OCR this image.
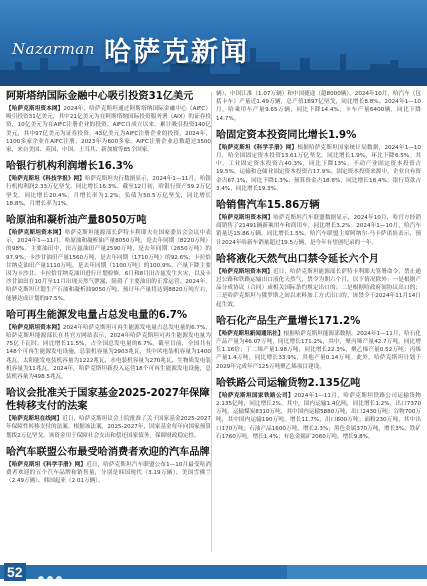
Nazarman 哈萨克新闻
阿斯塔纳国际金融中心吸引投资31亿美元

【哈萨克斯坦资本网】2024年，哈萨克斯坦通过阿斯塔纳国际金融中心（AIFC）吸引投资31亿美元，其中21亿美元为在阿斯塔纳国际投资服务署（AIX）的证券投资，10亿美元为在AIFC注册企业的投资。AIFC自成立以来，累计吸引投资140亿美元，其中97亿美元为证券投资，43亿美元为AIFC注册企业的投资。2024年，1100多家企业在AIFC注册，2023年为600多家。AIFC注册企业总数超过3500家，来自美国、英国、中国、土耳其、新加坡等85个国家。

哈银行机构利润增长16.3%

【哈萨克斯坦《科技学报》网】哈萨克斯坦央行数据显示，2024年1—11月，哈银行机构利润2.33万亿坚戈，同比增长16.3%。截至12月初，哈银行资产59.2万亿坚戈，同比增长20.4%，月增长率为1.2%；负债为50.5万亿坚戈，同比增长18.8%，月增长率为1%。

哈原油和凝析油产量8050万吨

【哈萨克斯坦资本网】哈萨克斯坦能源部长萨特卡利耶夫在国家委员会会议中表示，2024年1—11月，哈原油和凝析油产量8050万吨，是去年同期（8220万吨）的98%。主要油田中，田吉兹油田产量2590万吨，是去年同期（2650万吨）的97.9%；卡沙甘油田产量1560万吨，是去年同期（1710万吨）的92.6%；卡拉恰甘纳克油田产量1110万吨，是去年同期（1100万吨）的100.9%。产量下降主要因为卡沙甘、卡拉恰甘纳克油田进行计划检修，6月和8月田吉兹发生火灾，以及卡沙甘油田在10月至11月出现天然气泄漏，阻碍了主要油田的正常运营。2024年，哈萨克斯坦计划生产石油和凝析油9050万吨，预计年产量将达到8820万吨左右，能够达成计划的97.5%。

哈可再生能源发电量占总发电量的6.7%

【哈萨克斯坦资本网】2024年哈萨克斯坦可再生能源发电量占总发电量的6.7%，哈萨克斯坦能源部长在其官方网站表示，2024年哈萨克斯坦可再生能源发电量为75亿千瓦时，同比增长11.5%，占全国总发电量的6.7%。截至目前，全国共有148个可再生能源发电设施，总装机容量为2903兆瓦，其中风电装机容量为1400兆瓦，太阳能发电装机容量为1222兆瓦，水电装机容量为270兆瓦，生物质发电装机容量为11兆瓦。2024年，哈萨克斯坦新投入运营18个可再生能源发电设施，总装机容量为498.5兆瓦。

哈议会批准关于国家基金2025-2027年保障性转移支付的法案

【哈萨克斯坦在线网】近日，哈萨克斯坦议会上院批准了关于国家基金2025-2027年保障性转移支付的法案。根据该法案，2025-2027年，国家基金每年向国家预算划拨2万亿坚戈。该资金用于保障社会支出和偿还国家债务，保障财政稳定性。

哈汽车联盟公布最受哈消费者欢迎的汽车品牌

【哈萨克斯坦《科学手册》网】近日，哈萨克斯坦汽车联盟公布1—10月最受哈消费者欢迎的五个汽车品牌和销售量，分别是韩国现代（3.19万辆）、美国雪佛兰（2.49万辆）、韩国起亚（2.01万辆）、

辆）、中国江淮（1.07万辆）和中国捷途（超8000辆）。2024年10月，哈汽车（包括卡车）产量近1.49万辆，总产值1897亿坚戈，同比增长8.8%。2024年1—10月，哈乘用车产量9.65万辆，同比下降14.4%，卡车产量6400辆，同比下降14.7%。

哈固定资本投资同比增长1.9%

【哈萨克斯坦《科学手册》网】根据哈萨克斯坦国家统计局数据，2024年1—10月，哈全国固定资本投资13.61万亿坚戈，同比增长1.9%，环比下降6.5%。其中，工业固定资本投资占40.3%，同比下降13%。不动产业固定资本投资占19.5%，运输和仓储业固定资本投资占17.9%。固定资本投资来源中，企业自有资金占67.1%，同比下降1.3%；预算资金占18.8%，同比增长18.4%；银行贷款占3.4%，同比增长19.3%。

哈销售汽车15.86万辆

【哈萨克斯坦资本网】哈萨克斯坦汽车联盟数据显示，2024年10月，哈官方经销商销售了21491辆新乘用车和商用车，同比增长3.2%。2024年1—10月，哈汽车销量达15.86万辆，同比增长1.5%。哈汽车联盟主席阿纳尔·马卡萨诺娃表示，预计2024年哈新车销量超过19.5万辆，是今年有望创纪录的一年。

哈将液化天然气出口禁令延长六个月

【哈萨克斯坦资本网】近日，哈萨克斯坦能源部长萨特卡利耶夫签署命令，禁止通过公路和铁路运输出口液化天然气，禁令为期六个月，以下情况除外：一是根据产品分成协议（合同）或相关国际条约规定出口的；二是根据哈政府间协议出口的；三是哈萨克斯坦与俄罗斯之间以来料加工方式出口的。该禁令于2024年11月14日起生效。

哈石化产品生产量增长171.2%

【哈萨克斯坦新闻通讯社】根据哈萨克斯坦能源部数据，2024年1—11月，哈石化产品产量为46.07万吨，同比增长171.2%，其中，聚丙烯产量42.7万吨，同比增长1.16倍；丁二烯产量1.98万吨，同比增长22.3%，聚乙烯产量0.52万吨；丙烯产量1.4万吨，同比增长33.9%，其他产量0.14万吨。此外，哈萨克斯坦计划于2029年完成年产125万吨聚乙烯项目建设。

哈铁路公司运输货物2.135亿吨

【哈萨克斯坦国家铁路公司】2024年1—11月，哈萨克斯坦铁路公司运输货物2.135亿吨，同比增长2%。其中，国内运输1.4亿吨，同比增长1.2%，出口7370万吨，运输煤炭8310万吨，其中国内运输5880万吨，出口2430万吨；谷物700万吨，其中国内运输190万吨，增长11.7%，出口600万吨；面粉230万吨，其中出口170万吨；石油产品1600万吨，增长2.3%；黑色金属370万吨，增长3%，铁矿石1760万吨，增长1.4%；有色金属矿2060万吨，增长9.8%。

52
